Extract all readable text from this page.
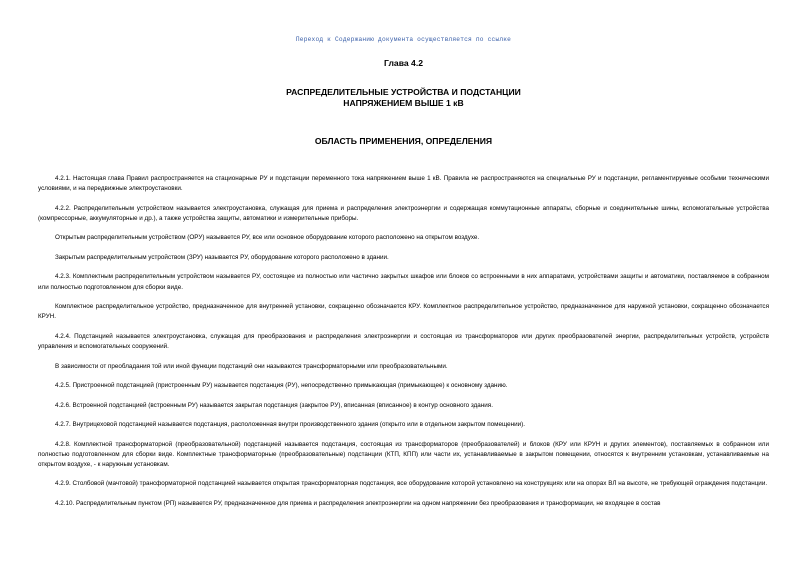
Переход к Содержанию документа осуществляется по ссылке
Глава 4.2
РАСПРЕДЕЛИТЕЛЬНЫЕ УСТРОЙСТВА И ПОДСТАНЦИИ
НАПРЯЖЕНИЕМ ВЫШЕ 1 кВ
ОБЛАСТЬ ПРИМЕНЕНИЯ, ОПРЕДЕЛЕНИЯ

4.2.1. Настоящая глава Правил распространяется на стационарные РУ и подстанции переменного тока напряжением выше 1 кВ. Правила не распространяются на специальные РУ и подстанции, регламентируемые особыми техническими условиями, и на передвижные электроустановки.

4.2.2. Распределительным устройством называется электроустановка, служащая для приема и распределения электроэнергии и содержащая коммутационные аппараты, сборные и соединительные шины, вспомогательные устройства (компрессорные, аккумуляторные и др.), а также устройства защиты, автоматики и измерительные приборы.

Открытым распределительным устройством (ОРУ) называется РУ, все или основное оборудование которого расположено на открытом воздухе.

Закрытым распределительным устройством (ЗРУ) называется РУ, оборудование которого расположено в здании.

4.2.3. Комплектным распределительным устройством называется РУ, состоящее из полностью или частично закрытых шкафов или блоков со встроенными в них аппаратами, устройствами защиты и автоматики, поставляемое в собранном или полностью подготовленном для сборки виде.

Комплектное распределительное устройство, предназначенное для внутренней установки, сокращенно обозначается КРУ. Комплектное распределительное устройство, предназначенное для наружной установки, сокращенно обозначается КРУН.

4.2.4. Подстанцией называется электроустановка, служащая для преобразования и распределения электроэнергии и состоящая из трансформаторов или других преобразователей энергии, распределительных устройств, устройств управления и вспомогательных сооружений.

В зависимости от преобладания той или иной функции подстанций они называются трансформаторными или преобразовательными.

4.2.5. Пристроенной подстанцией (пристроенным РУ) называется подстанция (РУ), непосредственно примыкающая (примыкающее) к основному зданию.

4.2.6. Встроенной подстанцией (встроенным РУ) называется закрытая подстанция (закрытое РУ), вписанная (вписанное) в контур основного здания.

4.2.7. Внутрицеховой подстанцией называется подстанция, расположенная внутри производственного здания (открыто или в отдельном закрытом помещении).

4.2.8. Комплектной трансформаторной (преобразовательной) подстанцией называется подстанция, состоящая из трансформаторов (преобразователей) и блоков (КРУ или КРУН и других элементов), поставляемых в собранном или полностью подготовленном для сборки виде. Комплектные трансформаторные (преобразовательные) подстанции (КТП, КПП) или части их, устанавливаемые в закрытом помещении, относятся к внутренним установкам, устанавливаемые на открытом воздухе, - к наружным установкам.

4.2.9. Столбовой (мачтовой) трансформаторной подстанцией называется открытая трансформаторная подстанция, все оборудование которой установлено на конструкциях или на опорах ВЛ на высоте, не требующей ограждения подстанции.

4.2.10. Распределительным пунктом (РП) называется РУ, предназначенное для приема и распределения электроэнергии на одном напряжении без преобразования и трансформации, не входящее в состав
